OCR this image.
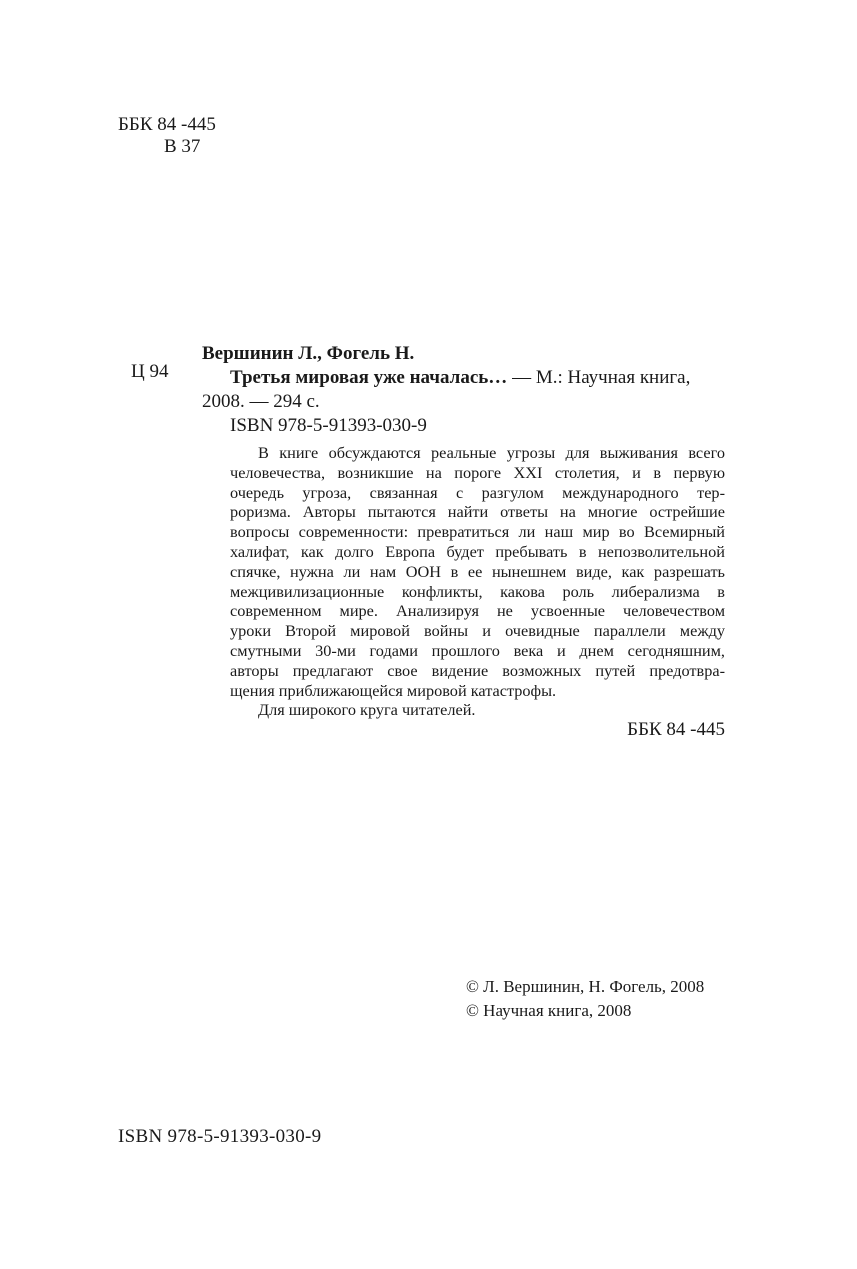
ББК 84 -445
В 37
Ц 94
Вершинин Л., Фогель Н.
Третья мировая уже началась… — М.: Научная книга,
2008. — 294 с.
ISBN 978-5-91393-030-9
В книге обсуждаются реальные угрозы для выживания всего
человечества, возникшие на пороге XXI столетия, и в первую
очередь угроза, связанная с разгулом международного тер-
роризма. Авторы пытаются найти ответы на многие острейшие
вопросы современности: превратиться ли наш мир во Всемирный
халифат, как долго Европа будет пребывать в непозволительной
спячке, нужна ли нам ООН в ее нынешнем виде, как разрешать
межцивилизационные конфликты, какова роль либерализма в
современном мире. Анализируя не усвоенные человечеством
уроки Второй мировой войны и очевидные параллели между
смутными 30-ми годами прошлого века и днем сегодняшним,
авторы предлагают свое видение возможных путей предотвра-
щения приближающейся мировой катастрофы.
Для широкого круга читателей.
ББК 84 -445
© Л. Вершинин, Н. Фогель, 2008
© Научная книга, 2008
ISBN 978-5-91393-030-9
